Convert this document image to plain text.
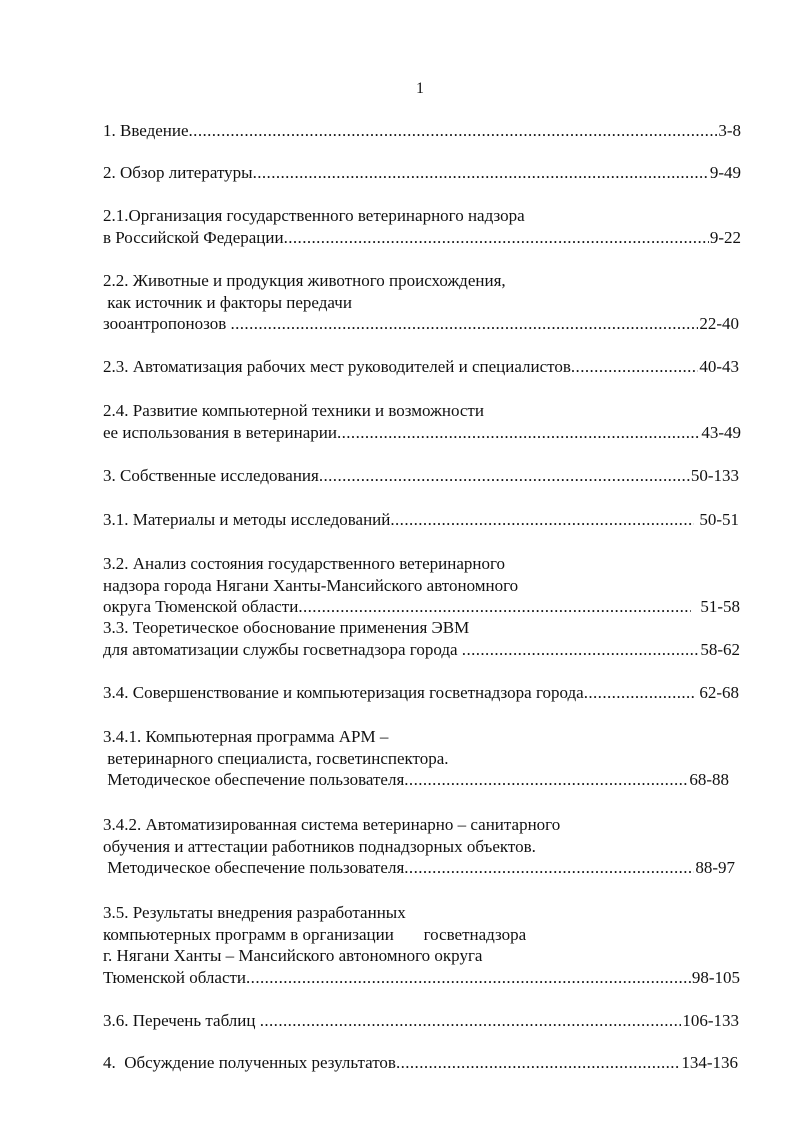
1
1. Введение .....	3-8
2. Обзор литературы .....	9-49
2.1.Организация государственного ветеринарного надзора
в Российской Федерации .....	9-22
2.2. Животные и продукция животного происхождения,
как источник и факторы передачи
зооантропонозов .....	22-40
2.3. Автоматизация рабочих мест руководителей и специалистов .....	40-43
2.4. Развитие компьютерной техники и возможности
ее использования в ветеринарии .....	43-49
3. Собственные исследования .....	50-133
3.1. Материалы и методы исследований .....	50-51
3.2. Анализ состояния государственного ветеринарного
надзора города Нягани Ханты-Мансийского автономного
округа Тюменской области .....	51-58
3.3. Теоретическое обоснование применения ЭВМ
для автоматизации службы госветнадзора города .....	58-62
3.4. Совершенствование и компьютеризация госветнадзора города .....	62-68
3.4.1. Компьютерная программа АРМ –
ветеринарного специалиста, госветинспектора.
Методическое обеспечение пользователя .....	68-88
3.4.2. Автоматизированная система ветеринарно – санитарного
обучения и аттестации работников поднадзорных объектов.
Методическое обеспечение пользователя .....	88-97
3.5. Результаты внедрения разработанных
компьютерных программ в организации       госветнадзора
г. Нягани Ханты – Мансийского автономного округа
Тюменской области .....	98-105
3.6. Перечень таблиц .....	106-133
4.  Обсуждение полученных результатов .....	134-136
